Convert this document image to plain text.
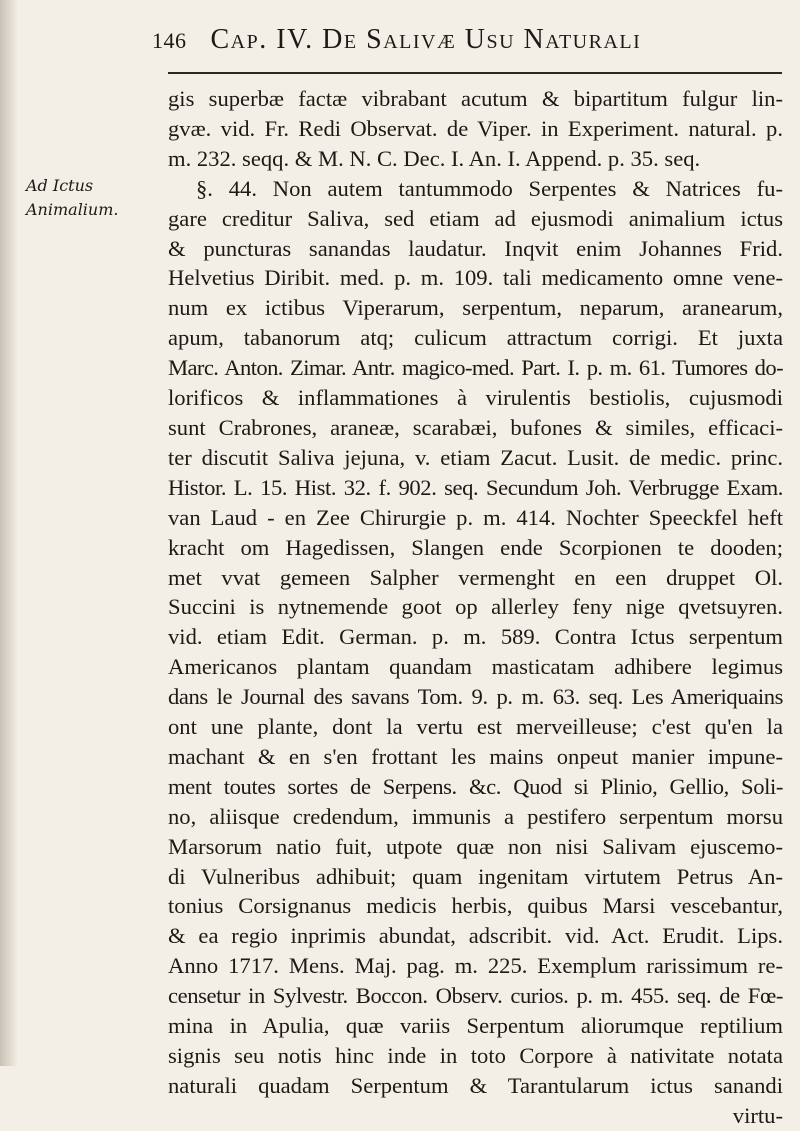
146 Cap. IV. De Salivæ Usu Naturali
Ad Ictus
Animalium.
gis superbæ factæ vibrabant acutum & bipartitum fulgur lin-
gvæ. vid. Fr. Redi Observat. de Viper. in Experiment. natural. p.
m. 232. seqq. & M. N. C. Dec. I. An. I. Append. p. 35. seq.
§. 44. Non autem tantummodo Serpentes & Natrices fu-
gare creditur Saliva, sed etiam ad ejusmodi animalium ictus
& puncturas sanandas laudatur. Inqvit enim Johannes Frid.
Helvetius Diribit. med. p. m. 109. tali medicamento omne vene-
num ex ictibus Viperarum, serpentum, neparum, aranearum,
apum, tabanorum atq; culicum attractum corrigi. Et juxta
Marc. Anton. Zimar. Antr. magico-med. Part. I. p. m. 61. Tumores do-
lorificos & inflammationes à virulentis bestiolis, cujusmodi
sunt Crabrones, araneæ, scarabæi, bufones & similes, efficaci-
ter discutit Saliva jejuna, v. etiam Zacut. Lusit. de medic. princ.
Histor. L. 15. Hist. 32. f. 902. seq. Secundum Joh. Verbrugge Exam.
van Laud - en Zee Chirurgie p. m. 414. Nochter Speeckfel heft
kracht om Hagedissen, Slangen ende Scorpionen te dooden;
met vvat gemeen Salpher vermenght en een druppet Ol.
Succini is nytnemende goot op allerley feny nige qvetsuyren.
vid. etiam Edit. German. p. m. 589. Contra Ictus serpentum
Americanos plantam quandam masticatam adhibere legimus
dans le Journal des savans Tom. 9. p. m. 63. seq. Les Ameriquains
ont une plante, dont la vertu est merveilleuse; c'est qu'en la
machant & en s'en frottant les mains onpeut manier impune-
ment toutes sortes de Serpens. &c. Quod si Plinio, Gellio, Soli-
no, aliisque credendum, immunis a pestifero serpentum morsu
Marsorum natio fuit, utpote quæ non nisi Salivam ejuscemo-
di Vulneribus adhibuit; quam ingenitam virtutem Petrus An-
tonius Corsignanus medicis herbis, quibus Marsi vescebantur,
& ea regio inprimis abundat, adscribit. vid. Act. Erudit. Lips.
Anno 1717. Mens. Maj. pag. m. 225. Exemplum rarissimum re-
censetur in Sylvestr. Boccon. Observ. curios. p. m. 455. seq. de Fœ-
mina in Apulia, quæ variis Serpentum aliorumque reptilium
signis seu notis hinc inde in toto Corpore à nativitate notata
naturali quadam Serpentum & Tarantularum ictus sanandi
virtu-
